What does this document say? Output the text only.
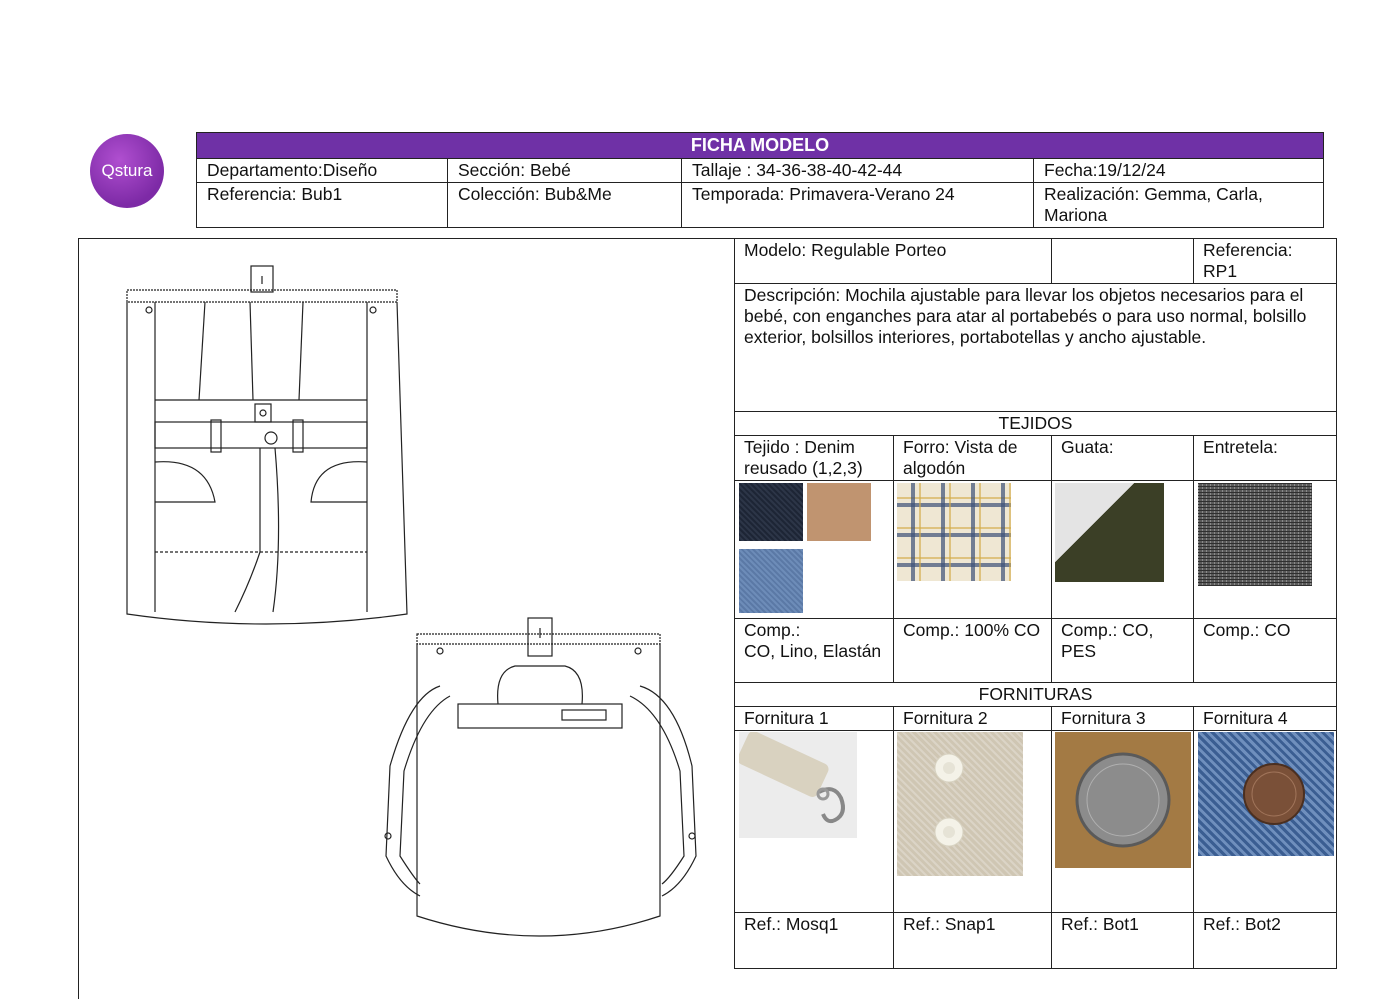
Qstura
FICHA MODELO			
Departamento:Diseño	Sección: Bebé	Tallaje : 34-36-38-40-42-44	Fecha:19/12/24
Referencia: Bub1	Colección: Bub&Me	Temporada: Primavera-Verano 24	Realización: Gemma, Carla, Mariona
Modelo: Regulable Porteo			Referencia: RP1
Descripción: Mochila ajustable para llevar los objetos necesarios para el bebé, con enganches para atar al portabebés o para uso normal, bolsillo exterior, bolsillos interiores, portabotellas y ancho ajustable.			
TEJIDOS			
Tejido : Denim reusado (1,2,3)	Forro: Vista de algodón	Guata:	Entretela:

Comp.:
CO, Lino, Elastán	Comp.: 100% CO	Comp.: CO, PES	Comp.: CO
FORNITURAS			
Fornitura 1	Fornitura 2	Fornitura 3	Fornitura 4

Ref.: Mosq1	Ref.: Snap1	Ref.: Bot1	Ref.: Bot2
